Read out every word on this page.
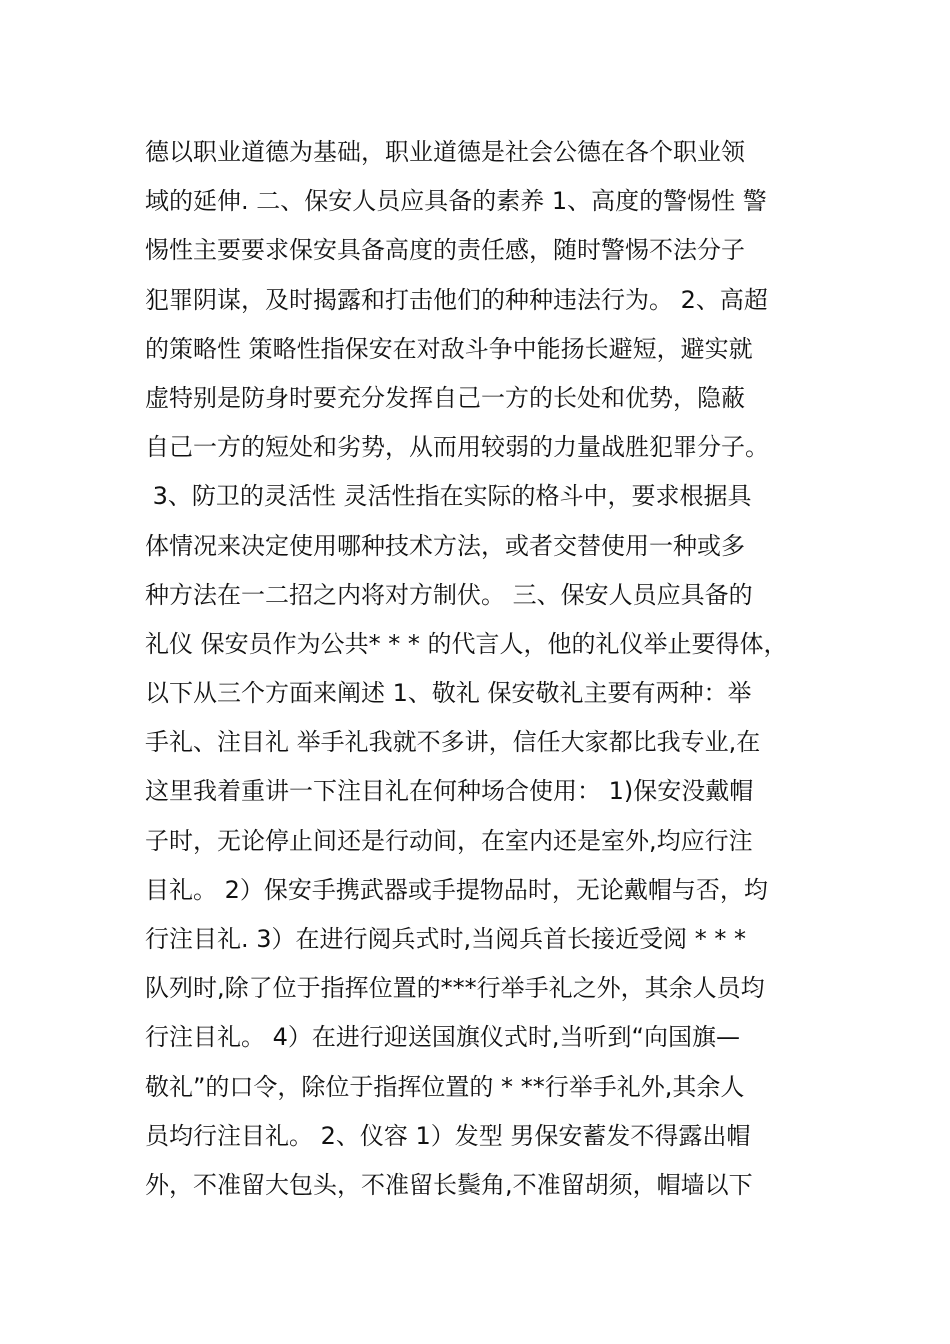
德以职业道德为基础，职业道德是社会公德在各个职业领
域的延伸. 二、保安人员应具备的素养 1、高度的警惕性 警
惕性主要要求保安具备高度的责任感，随时警惕不法分子
犯罪阴谋，及时揭露和打击他们的种种违法行为。 2、高超
的策略性 策略性指保安在对敌斗争中能扬长避短，避实就
虚特别是防身时要充分发挥自己一方的长处和优势，隐蔽
自己一方的短处和劣势，从而用较弱的力量战胜犯罪分子。
3、防卫的灵活性 灵活性指在实际的格斗中，要求根据具
体情况来决定使用哪种技术方法，或者交替使用一种或多
种方法在一二招之内将对方制伏。 三、保安人员应具备的
礼仪 保安员作为公共* * * 的代言人，他的礼仪举止要得体，
以下从三个方面来阐述 1、敬礼 保安敬礼主要有两种：举
手礼、注目礼 举手礼我就不多讲，信任大家都比我专业,在
这里我着重讲一下注目礼在何种场合使用： 1)保安没戴帽
子时，无论停止间还是行动间，在室内还是室外,均应行注
目礼。 2）保安手携武器或手提物品时，无论戴帽与否，均
行注目礼. 3）在进行阅兵式时,当阅兵首长接近受阅 * * *
队列时,除了位于指挥位置的***行举手礼之外，其余人员均
行注目礼。 4）在进行迎送国旗仪式时,当听到“向国旗—
敬礼”的口令，除位于指挥位置的 * **行举手礼外,其余人
员均行注目礼。 2、仪容 1）发型 男保安蓄发不得露出帽
外，不准留大包头，不准留长鬓角,不准留胡须，帽墙以下
